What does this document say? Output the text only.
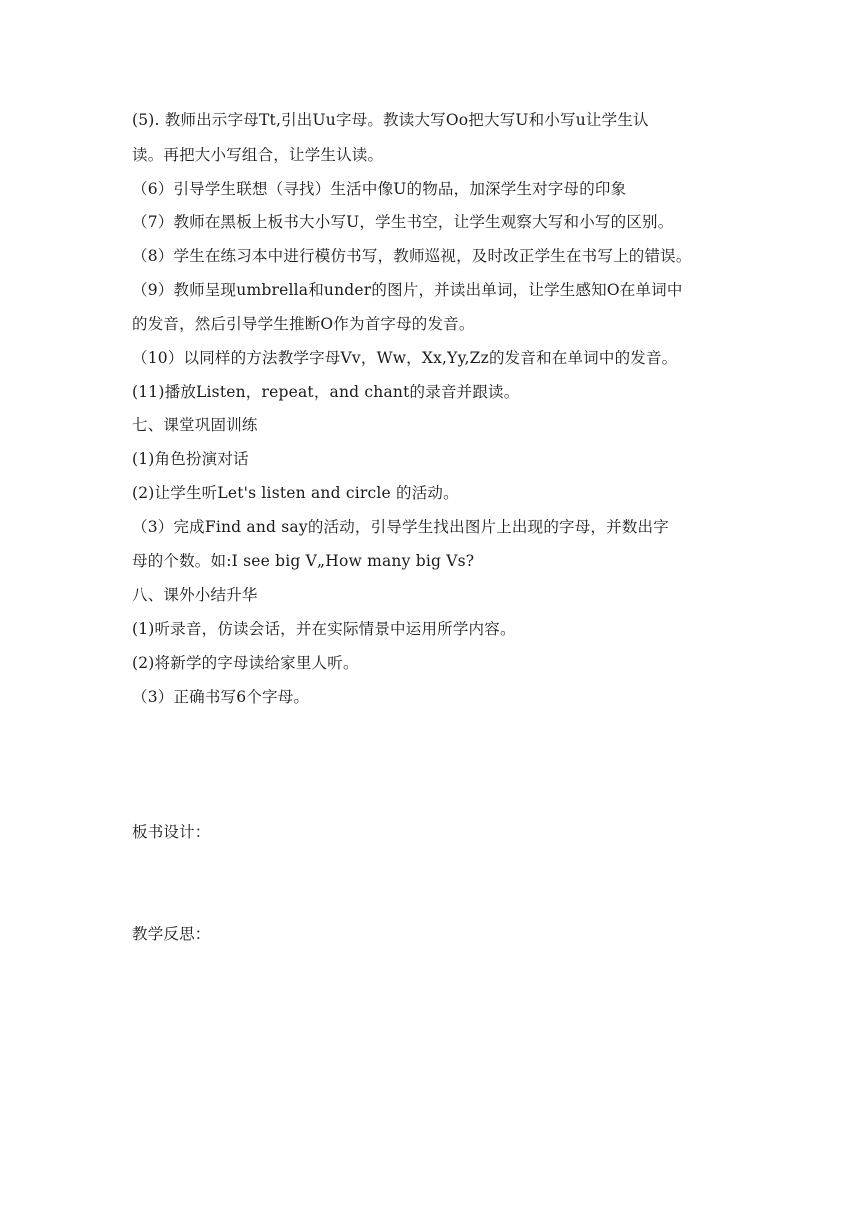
(5). 教师出示字母Tt,引出Uu字母。教读大写Oo把大写U和小写u让学生认
读。再把大小写组合，让学生认读。
（6）引导学生联想（寻找）生活中像U的物品，加深学生对字母的印象
（7）教师在黑板上板书大小写U，学生书空，让学生观察大写和小写的区别。
（8）学生在练习本中进行模仿书写，教师巡视，及时改正学生在书写上的错误。
（9）教师呈现umbrella和under的图片，并读出单词，让学生感知O在单词中
的发音，然后引导学生推断O作为首字母的发音。
（10）以同样的方法教学字母Vv，Ww，Xx,Yy,Zz的发音和在单词中的发音。
(11)播放Listen，repeat，and chant的录音并跟读。
七、课堂巩固训练
(1)角色扮演对话
(2)让学生听Let's listen and circle 的活动。
（3）完成Find and say的活动，引导学生找出图片上出现的字母，并数出字
母的个数。如:I see big V„How many big Vs?
八、课外小结升华
(1)听录音，仿读会话，并在实际情景中运用所学内容。
(2)将新学的字母读给家里人听。
（3）正确书写6个字母。
板书设计：
教学反思：
